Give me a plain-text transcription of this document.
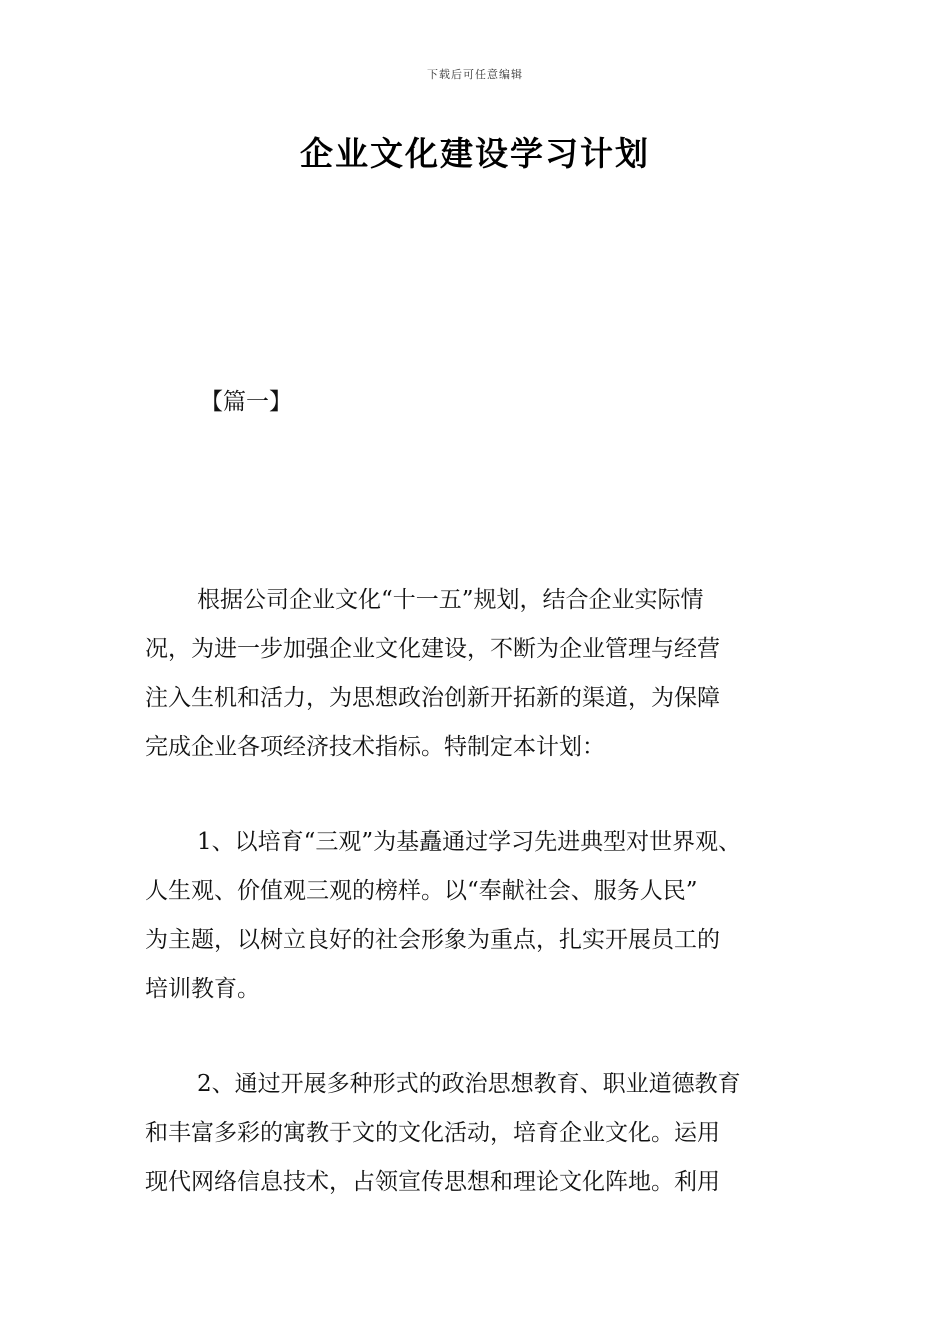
下载后可任意编辑
企业文化建设学习计划
【篇一】

根据公司企业文化“十一五”规划，结合企业实际情
况，为进一步加强企业文化建设，不断为企业管理与经营
注入生机和活力，为思想政治创新开拓新的渠道，为保障
完成企业各项经济技术指标。特制定本计划：

1、以培育“三观”为基矗通过学习先进典型对世界观、
人生观、价值观三观的榜样。以“奉献社会、服务人民”
为主题，以树立良好的社会形象为重点，扎实开展员工的
培训教育。

2、通过开展多种形式的政治思想教育、职业道德教育
和丰富多彩的寓教于文的文化活动，培育企业文化。运用
现代网络信息技术，占领宣传思想和理论文化阵地。利用
